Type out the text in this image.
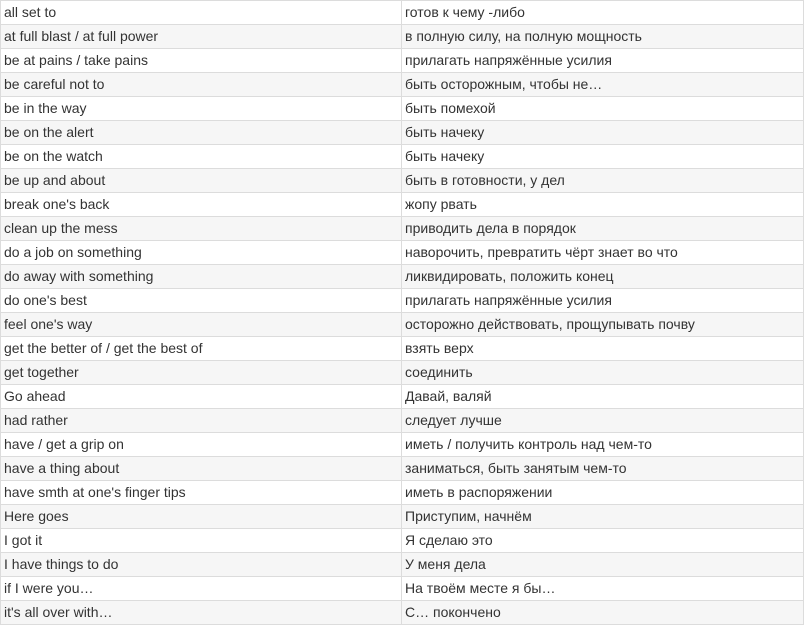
all set to	готов к чему -либо
at full blast / at full power	в полную силу, на полную мощность
be at pains / take pains	прилагать напряжённые усилия
be careful not to	быть осторожным, чтобы не…
be in the way	быть помехой
be on the alert	быть начеку
be on the watch	быть начеку
be up and about	быть в готовности, у дел
break one's back	жопу рвать
clean up the mess	приводить дела в порядок
do a job on something	наворочить, превратить чёрт знает во что
do away with something	ликвидировать, положить конец
do one's best	прилагать напряжённые усилия
feel one's way	осторожно действовать, прощупывать почву
get the better of / get the best of	взять верх
get together	соединить
Go ahead	Давай, валяй
had rather	следует лучше
have / get a grip on	иметь / получить контроль над чем-то
have a thing about	заниматься, быть занятым чем-то
have smth at one's finger tips	иметь в распоряжении
Here goes	Приступим, начнём
I got it	Я сделаю это
I have things to do	У меня дела
if I were you…	На твоём месте я бы…
it's all over with…	С… покончено
